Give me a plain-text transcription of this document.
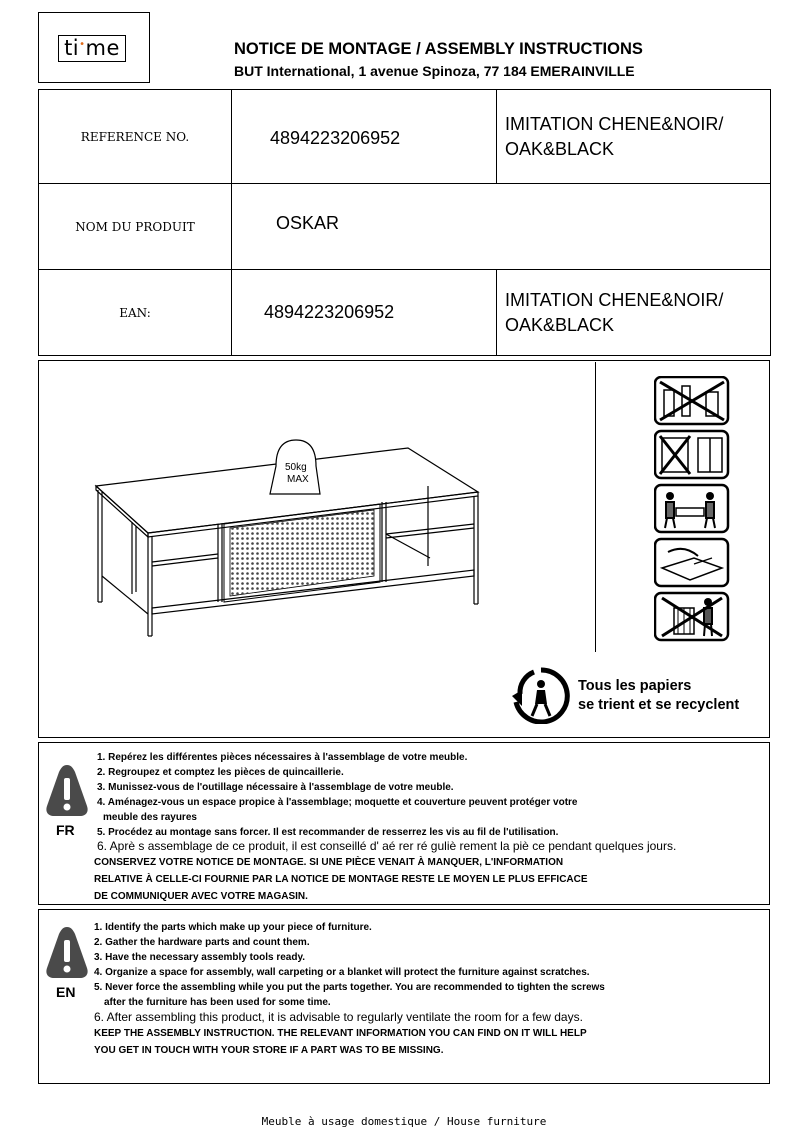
ti•me	NOTICE DE MONTAGE / ASSEMBLY INSTRUCTIONS
BUT International, 1 avenue Spinoza, 77 184 EMERAINVILLE
REFERENCE NO.	4894223206952	IMITATION CHENE&NOIR/
OAK&BLACK

NOM DU PRODUIT	OSKAR	
EAN:	4894223206952	IMITATION CHENE&NOIR/
OAK&BLACK
50kg
MAX
Tous les papiers
se trient et se recyclent
FR
1. Repérez les différentes pièces nécessaires à l'assemblage de votre meuble.
2. Regroupez et comptez les pièces de quincaillerie.
3. Munissez-vous de l'outillage nécessaire à l'assemblage de votre meuble.
4. Aménagez-vous un espace propice à l'assemblage; moquette et couverture peuvent protéger votre
meuble des rayures
5. Procédez au montage sans forcer. Il est recommander de resserrez les vis au fil de l'utilisation.
6. Aprè s assemblage de ce produit, il est conseillé d' aé rer ré guliè rement la piè ce pendant quelques jours.
CONSERVEZ VOTRE NOTICE DE MONTAGE. SI UNE PIÈCE VENAIT À MANQUER, L'INFORMATION
RELATIVE À CELLE-CI FOURNIE PAR LA NOTICE DE MONTAGE RESTE LE MOYEN LE PLUS EFFICACE
DE COMMUNIQUER AVEC VOTRE MAGASIN.
EN
1. Identify the parts which make up your piece of furniture.
2. Gather the hardware parts and count them.
3. Have the necessary assembly tools ready.
4. Organize a space for assembly, wall carpeting or a blanket will protect the furniture against scratches.
5. Never force the assembling while you put the parts together. You are recommended to tighten the screws
after the furniture has been used for some time.
6. After assembling this product, it is advisable to regularly ventilate the room for a few days.
KEEP THE ASSEMBLY INSTRUCTION. THE RELEVANT INFORMATION YOU CAN FIND ON IT WILL HELP
YOU GET IN TOUCH WITH YOUR STORE IF A PART WAS TO BE MISSING.
Meuble à usage domestique / House furniture
